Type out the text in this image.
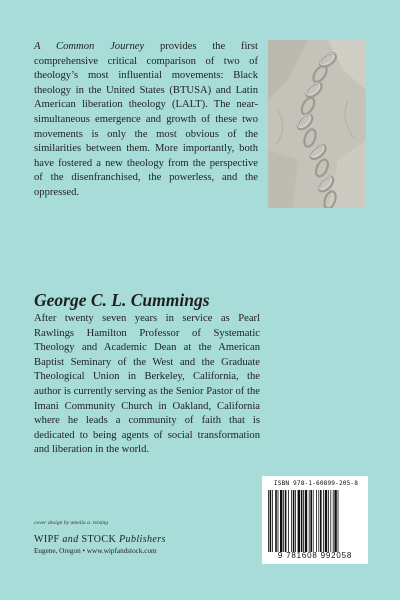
A Common Journey provides the first comprehensive critical comparison of two of theology’s most influential movements: Black theology in the United States (BTUSA) and Latin American liberation theology (LALT). The near-simultaneous emergence and growth of these two movements is only the most obvious of the similarities between them. More importantly, both have fostered a new theology from the perspective of the disenfranchised, the powerless, and the oppressed.

George C. L. Cummings

After twenty seven years in service as Pearl Rawlings Hamilton Professor of Systematic Theology and Academic Dean at the American Baptist Seminary of the West and the Graduate Theological Union in Berkeley, California, the author is currently serving as the Senior Pastor of the Imani Community Church in Oakland, California where he leads a community of faith that is dedicated to being agents of social transformation and liberation in the world.

ISBN 978-1-60899-205-8
9 781608 992058
cover design by amelia a. reising
WIPF and STOCK Publishers
Eugene, Oregon • www.wipfandstock.com
